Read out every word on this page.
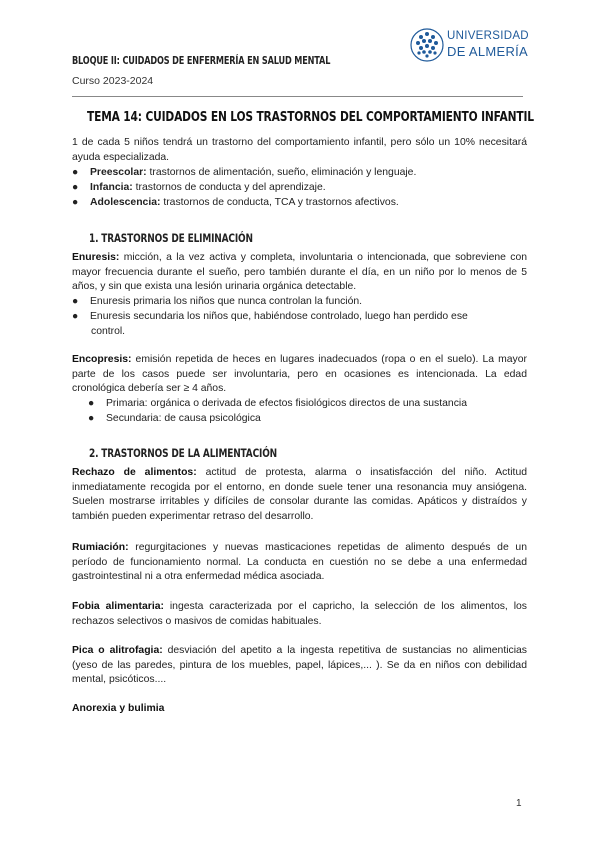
BLOQUE II: CUIDADOS DE ENFERMERÍA EN SALUD MENTAL
Curso 2023-2024
UNIVERSIDAD
DE ALMERÍA
TEMA 14: CUIDADOS EN LOS TRASTORNOS DEL COMPORTAMIENTO INFANTIL
1 de cada 5 niños tendrá un trastorno del comportamiento infantil, pero sólo un 10% necesitará ayuda especializada.
● Preescolar: trastornos de alimentación, sueño, eliminación y lenguaje.
● Infancia: trastornos de conducta y del aprendizaje.
● Adolescencia: trastornos de conducta, TCA y trastornos afectivos.
1. TRASTORNOS DE ELIMINACIÓN
Enuresis: micción, a la vez activa y completa, involuntaria o intencionada, que sobreviene con mayor frecuencia durante el sueño, pero también durante el día, en un niño por lo menos de 5 años, y sin que exista una lesión urinaria orgánica detectable.
● Enuresis primaria los niños que nunca controlan la función.
● Enuresis secundaria los niños que, habiéndose controlado, luego han perdido ese
control.
Encopresis: emisión repetida de heces en lugares inadecuados (ropa o en el suelo). La mayor parte de los casos puede ser involuntaria, pero en ocasiones es intencionada. La edad cronológica debería ser ≥ 4 años.
● Primaria: orgánica o derivada de efectos fisiológicos directos de una sustancia
● Secundaria: de causa psicológica
2. TRASTORNOS DE LA ALIMENTACIÓN
Rechazo de alimentos: actitud de protesta, alarma o insatisfacción del niño. Actitud inmediatamente recogida por el entorno, en donde suele tener una resonancia muy ansiógena. Suelen mostrarse irritables y difíciles de consolar durante las comidas. Apáticos y distraídos y también pueden experimentar retraso del desarrollo.
Rumiación: regurgitaciones y nuevas masticaciones repetidas de alimento después de un período de funcionamiento normal. La conducta en cuestión no se debe a una enfermedad gastrointestinal ni a otra enfermedad médica asociada.
Fobia alimentaria: ingesta caracterizada por el capricho, la selección de los alimentos, los rechazos selectivos o masivos de comidas habituales.
Pica o alitrofagia: desviación del apetito a la ingesta repetitiva de sustancias no alimenticias (yeso de las paredes, pintura de los muebles, papel, lápices,... ). Se da en niños con debilidad mental, psicóticos....
Anorexia y bulimia
1
